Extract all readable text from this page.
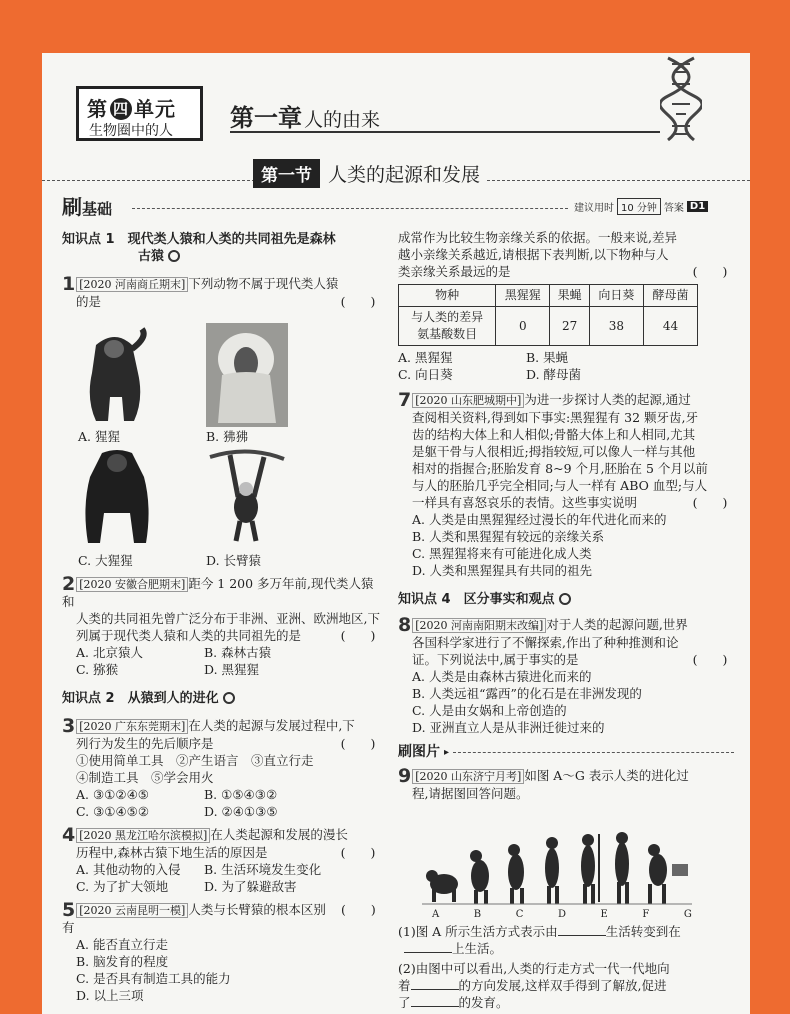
第 四 单元
生物圈中的人 第一章 人的由来
第一节 人类的起源和发展
刷基础	建议用时 10 分钟 答案 D1
知识点 1　现代类人猿和人类的共同祖先是森林
古猿
1 [2020 河南商丘期末] 下列动物不属于现代类人猿
的是	(　　)
A. 猩猩	B. 狒狒
C. 大猩猩	D. 长臂猿
2 [2020 安徽合肥期末] 距今 1 200 多万年前,现代类人猿和
人类的共同祖先曾广泛分布于非洲、亚洲、欧洲地区,下
列属于现代类人猿和人类的共同祖先的是	(　　)
A. 北京猿人	B. 森林古猿
C. 猕猴	D. 黑猩猩
知识点 2　从猿到人的进化
3 [2020 广东东莞期末] 在人类的起源与发展过程中,下
列行为发生的先后顺序是	(　　)
①使用简单工具　②产生语言　③直立行走
④制造工具　⑤学会用火
A. ③①②④⑤	B. ①⑤④③②
C. ③①④⑤②	D. ②④①③⑤
4 [2020 黑龙江哈尔滨模拟] 在人类起源和发展的漫长
历程中,森林古猿下地生活的原因是	(　　)
A. 其他动物的入侵	B. 生活环境发生变化
C. 为了扩大领地	D. 为了躲避敌害
5 [2020 云南昆明一模] 人类与长臂猿的根本区别有
(　　)
A. 能否直立行走
B. 脑发育的程度
C. 是否具有制造工具的能力
D. 以上三项
成常作为比较生物亲缘关系的依据。一般来说,差异
越小亲缘关系越近,请根据下表判断,以下物种与人
类亲缘关系最远的是	(　　)
物种	黑猩猩	果蝇	向日葵	酵母菌

与人类的差异
氨基酸数目	0	27	38	44
A. 黑猩猩	B. 果蝇
C. 向日葵	D. 酵母菌
7 [2020 山东肥城期中] 为进一步探讨人类的起源,通过
查阅相关资料,得到如下事实:黑猩猩有 32 颗牙齿,牙
齿的结构大体上和人相似;骨骼大体上和人相同,尤其
是躯干骨与人很相近;拇指较短,可以像人一样与其他
相对的指握合;胚胎发育 8~9 个月,胚胎在 5 个月以前
与人的胚胎几乎完全相同;与人一样有 ABO 血型;与人
一样具有喜怒哀乐的表情。这些事实说明	(　　)
A. 人类是由黑猩猩经过漫长的年代进化而来的
B. 人类和黑猩猩有较远的亲缘关系
C. 黑猩猩将来有可能进化成人类
D. 人类和黑猩猩具有共同的祖先
知识点 4　区分事实和观点
8 [2020 河南南阳期末改编] 对于人类的起源问题,世界
各国科学家进行了不懈探索,作出了种种推测和论
证。下列说法中,属于事实的是	(　　)
A. 人类是由森林古猿进化而来的
B. 人类远祖“露西”的化石是在非洲发现的
C. 人是由女娲和上帝创造的
D. 亚洲直立人是从非洲迁徙过来的
刷图片 ▸
9 [2020 山东济宁月考] 如图 A～G 表示人类的进化过
程,请据图回答问题。
A	B	C	D	E	F	G
(1)图 A 所示生活方式表示由	生活转变到在
上生活。
(2)由图中可以看出,人类的行走方式一代一代地向
着	的方向发展,这样双手得到了解放,促进
了	的发育。
